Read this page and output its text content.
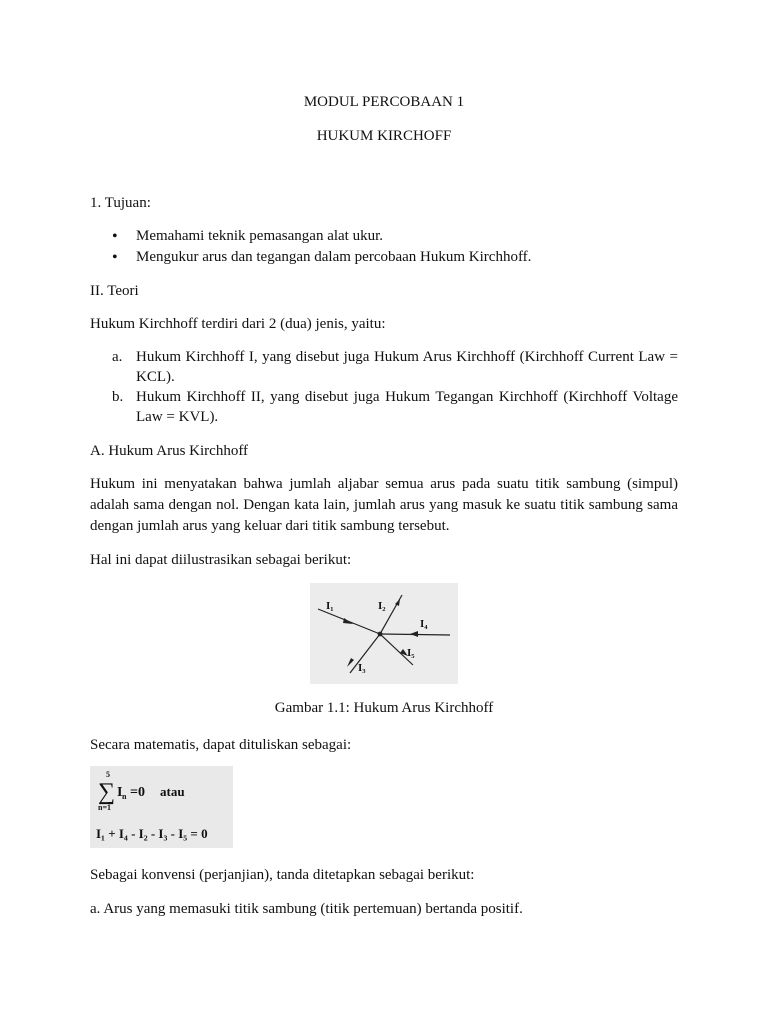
MODUL PERCOBAAN 1
HUKUM KIRCHOFF
1. Tujuan:
• Memahami teknik pemasangan alat ukur.
• Mengukur arus dan tegangan dalam percobaan Hukum Kirchhoff.
II. Teori
Hukum Kirchhoff terdiri dari 2 (dua) jenis, yaitu:
a. Hukum Kirchhoff I, yang disebut juga Hukum Arus Kirchhoff (Kirchhoff Current Law = KCL).
b. Hukum Kirchhoff II, yang disebut juga Hukum Tegangan Kirchhoff (Kirchhoff Voltage Law = KVL).
A. Hukum Arus Kirchhoff
Hukum ini menyatakan bahwa jumlah aljabar semua arus pada suatu titik sambung (simpul) adalah sama dengan nol. Dengan kata lain, jumlah arus yang masuk ke suatu titik sambung sama dengan jumlah arus yang keluar dari titik sambung tersebut.
Hal ini dapat diilustrasikan sebagai berikut:
I₁	I₂
I₄
I₅
I₃
Gambar 1.1: Hukum Arus Kirchhoff
Secara matematis, dapat dituliskan sebagai:
5
∑
n=1
I n =0 atau
I₁ + I₄ - I₂ - I₃ - I₅ = 0
Sebagai konvensi (perjanjian), tanda ditetapkan sebagai berikut:
a. Arus yang memasuki titik sambung (titik pertemuan) bertanda positif.
